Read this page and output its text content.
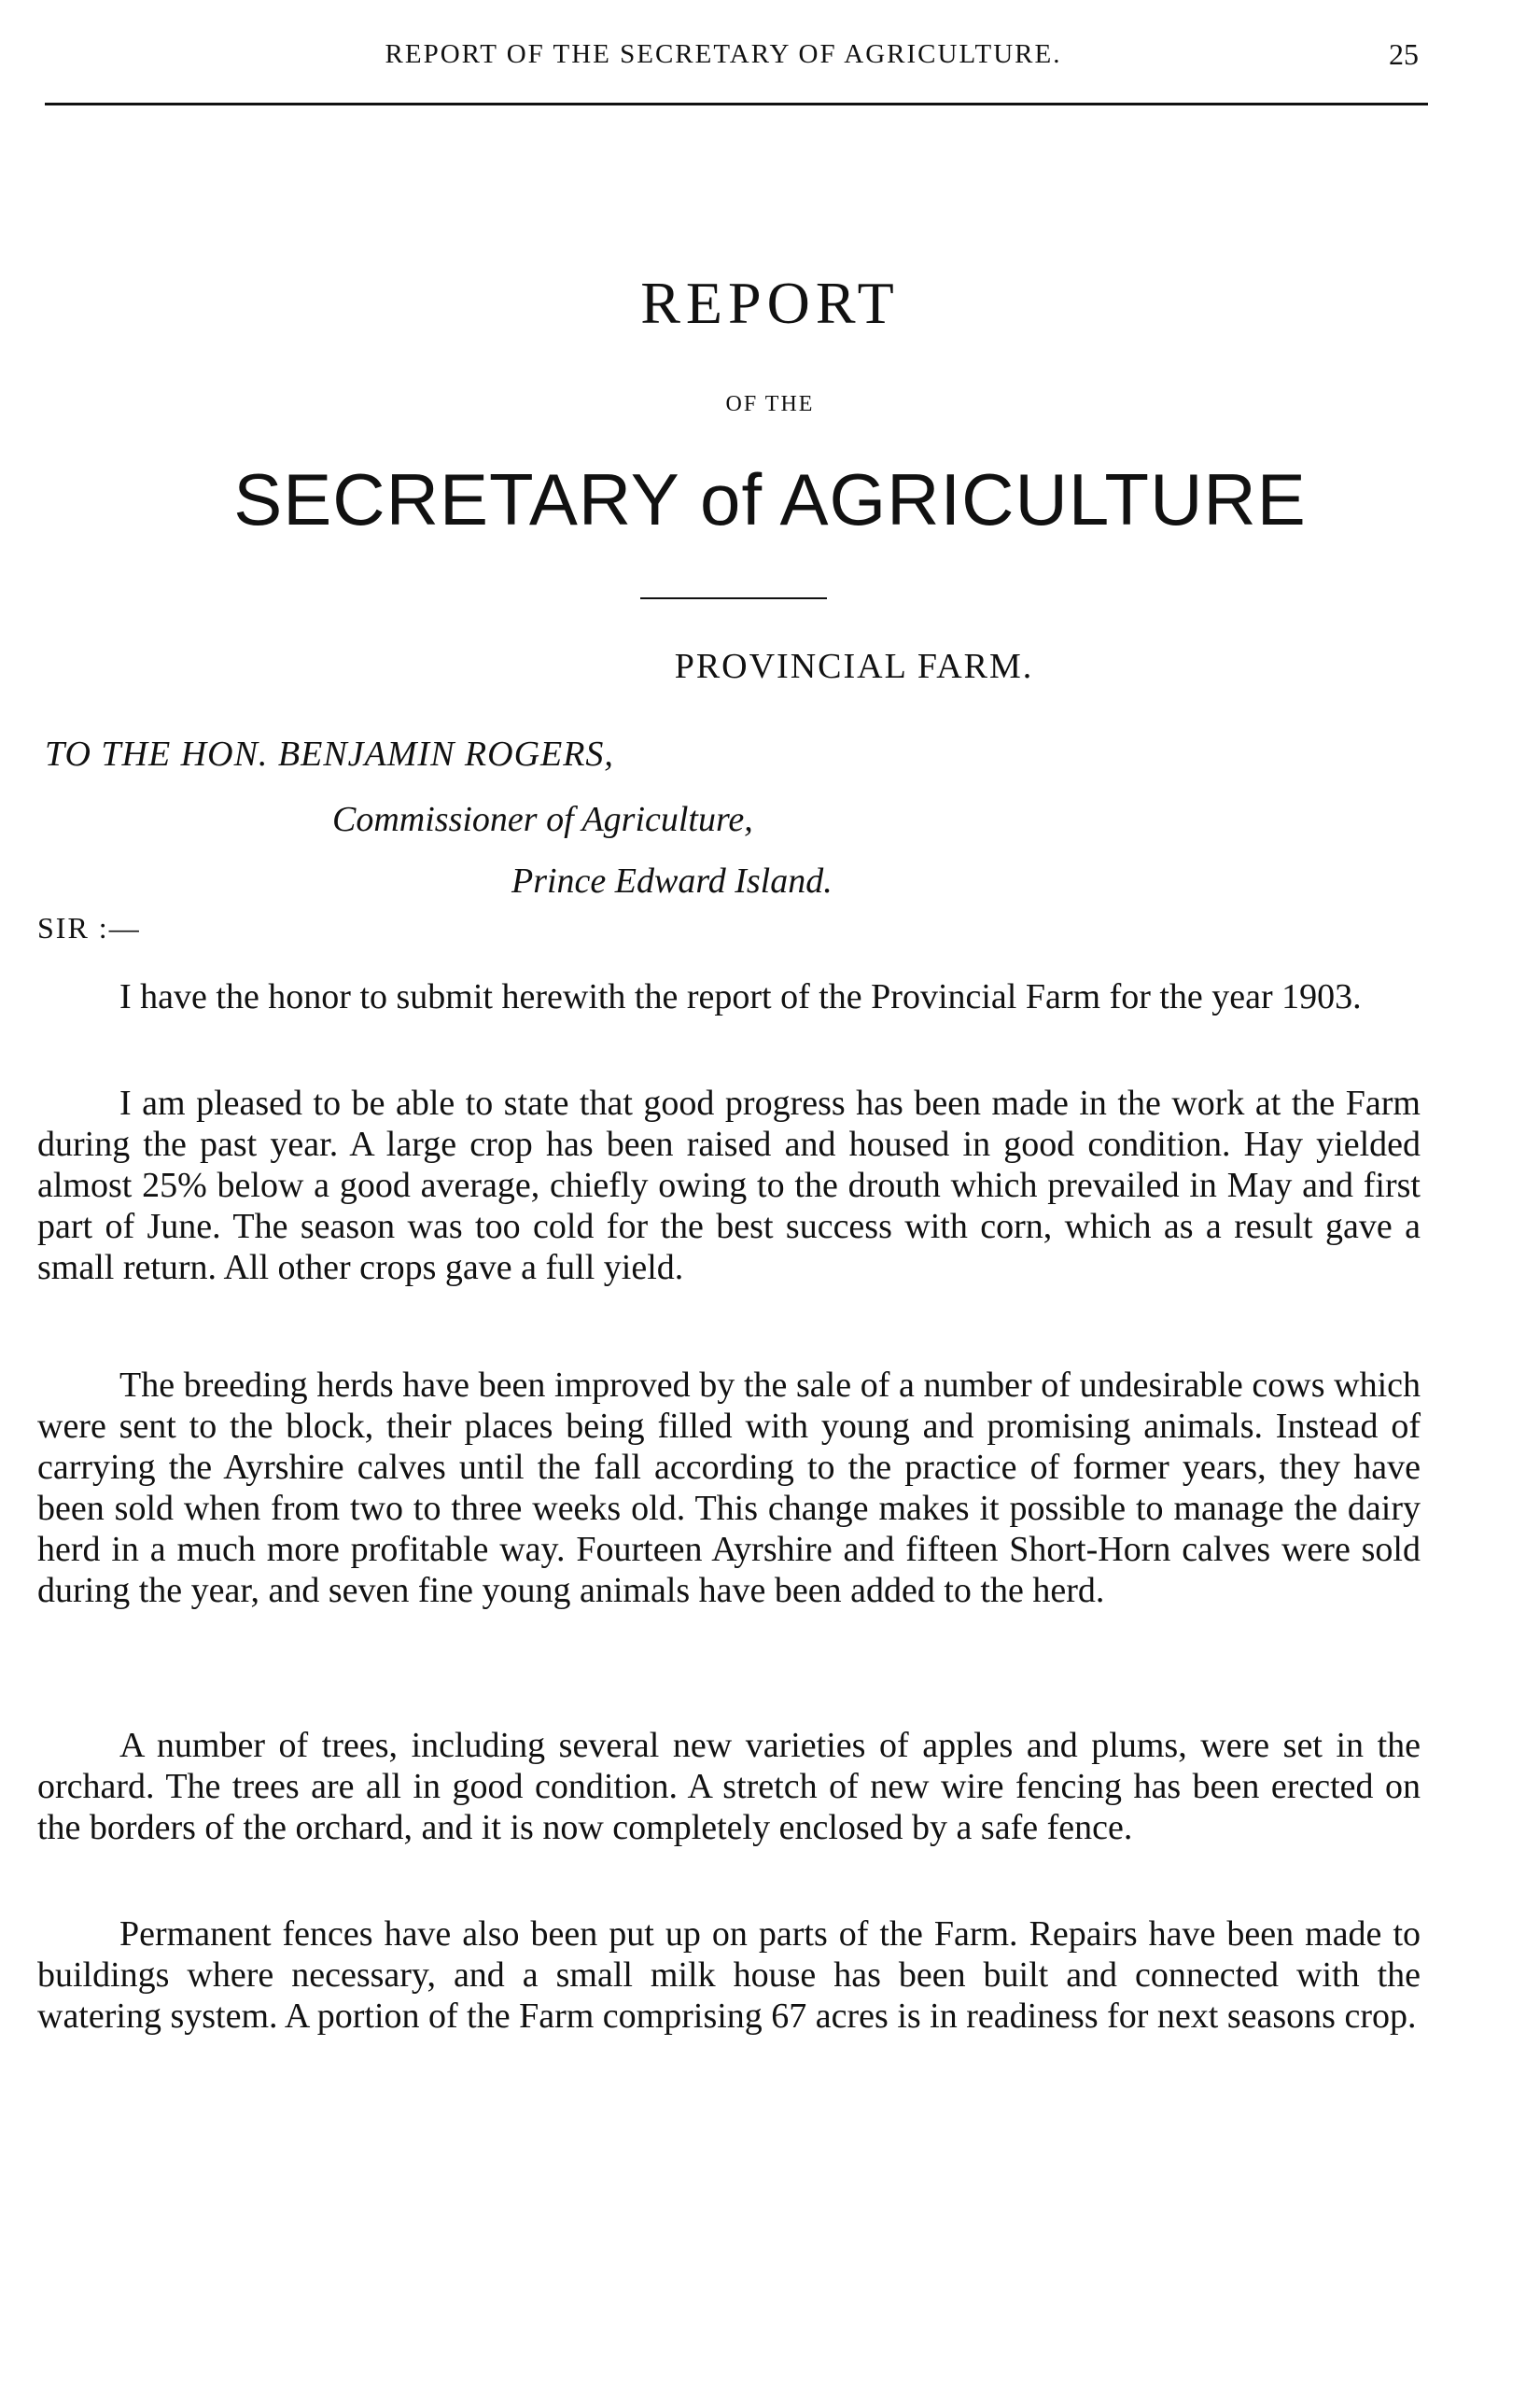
REPORT OF THE SECRETARY OF AGRICULTURE.	25
REPORT
OF THE
SECRETARY of AGRICULTURE
PROVINCIAL FARM.
TO THE HON. BENJAMIN ROGERS,
Commissioner of Agriculture,
Prince Edward Island.
SIR :—

I have the honor to submit herewith the report of the Provincial Farm for the year 1903.

I am pleased to be able to state that good progress has been made in the work at the Farm during the past year. A large crop has been raised and housed in good condition. Hay yielded almost 25% below a good average, chiefly owing to the drouth which prevailed in May and first part of June. The season was too cold for the best success with corn, which as a result gave a small return. All other crops gave a full yield.

The breeding herds have been improved by the sale of a number of undesirable cows which were sent to the block, their places being filled with young and promising animals. Instead of carrying the Ayrshire calves until the fall according to the practice of former years, they have been sold when from two to three weeks old. This change makes it possible to manage the dairy herd in a much more profitable way. Fourteen Ayrshire and fifteen Short-Horn calves were sold during the year, and seven fine young animals have been added to the herd.

A number of trees, including several new varieties of apples and plums, were set in the orchard. The trees are all in good condition. A stretch of new wire fencing has been erected on the borders of the orchard, and it is now completely enclosed by a safe fence.

Permanent fences have also been put up on parts of the Farm. Repairs have been made to buildings where necessary, and a small milk house has been built and connected with the watering system. A portion of the Farm comprising 67 acres is in readiness for next seasons crop.
